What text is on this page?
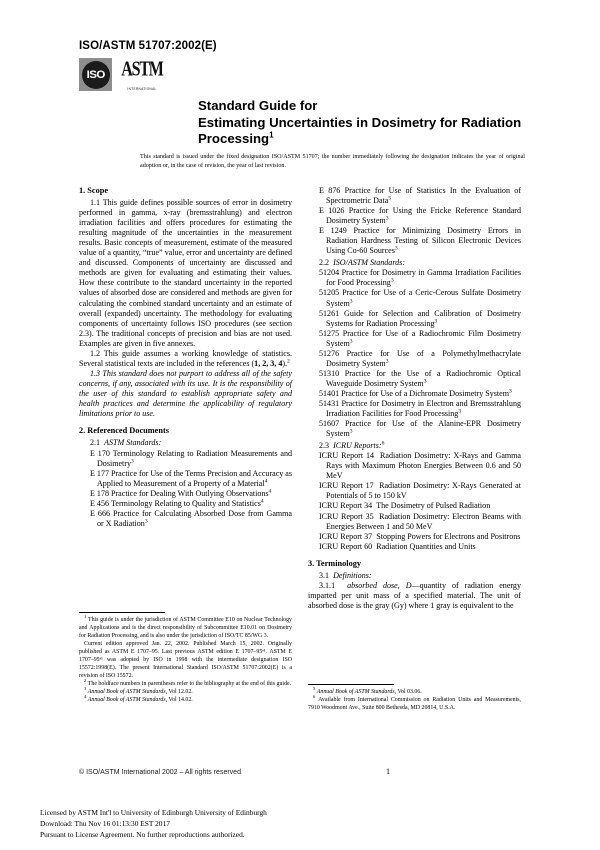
ISO/ASTM 51707:2002(E)
ISO ASTM
INTERNATIONAL
Standard Guide for
Estimating Uncertainties in Dosimetry for Radiation
Processing$^1$
This standard is issued under the fixed designation ISO/ASTM 51707; the number immediately following the designation indicates the year of original adoption or, in the case of revision, the year of last revision.
1. Scope

1.1 This guide defines possible sources of error in dosimetry performed in gamma, x-ray (bremsstrahlung) and electron irradiation facilities and offers procedures for estimating the resulting magnitude of the uncertainties in the measurement results. Basic concepts of measurement, estimate of the measured value of a quantity, “true” value, error and uncertainty are defined and discussed. Components of uncertainty are discussed and methods are given for evaluating and estimating their values. How these contribute to the standard uncertainty in the reported values of absorbed dose are considered and methods are given for calculating the combined standard uncertainty and an estimate of overall (expanded) uncertainty. The methodology for evaluating components of uncertainty follows ISO procedures (see section 2.3). The traditional concepts of precision and bias are not used. Examples are given in five annexes.

1.2 This guide assumes a working knowledge of statistics. Several statistical texts are included in the references (1, 2, 3, 4).$^2$

1.3 This standard does not purport to address all of the safety concerns, if any, associated with its use. It is the responsibility of the user of this standard to establish appropriate safety and health practices and determine the applicability of regulatory limitations prior to use.

2. Referenced Documents
2.1 ASTM Standards:

E 170 Terminology Relating to Radiation Measurements and Dosimetry$^3$

E 177 Practice for Use of the Terms Precision and Accuracy as Applied to Measurement of a Property of a Material$^4$

E 178 Practice for Dealing With Outlying Observations$^4$

E 456 Terminology Relating to Quality and Statistics$^4$

E 666 Practice for Calculating Absorbed Dose from Gamma or X Radiation$^3$

E 876 Practice for Use of Statistics In the Evaluation of Spectrometric Data$^5$

E 1026 Practice for Using the Fricke Reference Standard Dosimetry System$^3$

E 1249 Practice for Minimizing Dosimetry Errors in Radiation Hardness Testing of Silicon Electronic Devices Using Co-60 Sources$^3$

2.2 ISO/ASTM Standards:

51204 Practice for Dosimetry in Gamma Irradiation Facilities for Food Processing$^3$

51205 Practice for Use of a Ceric-Cerous Sulfate Dosimetry System$^3$

51261 Guide for Selection and Calibration of Dosimetry Systems for Radiation Processing$^3$

51275 Practice for Use of a Radiochromic Film Dosimetry System$^3$

51276 Practice for Use of a Polymethylmethacrylate Dosimetry System$^3$

51310 Practice for the Use of a Radiochromic Optical Waveguide Dosimetry System$^3$

51401 Practice for Use of a Dichromate Dosimetry System$^3$

51431 Practice for Dosimetry in Electron and Bremsstrahlung Irradiation Facilities for Food Processing$^3$

51607 Practice for Use of the Alanine-EPR Dosimetry System$^3$

2.3 ICRU Reports:$^6$

ICRU Report 14 Radiation Dosimetry: X-Rays and Gamma Rays with Maximum Photon Energies Between 0.6 and 50 MeV

ICRU Report 17 Radiation Dosimetry: X-Rays Generated at Potentials of 5 to 150 kV

ICRU Report 34 The Dosimetry of Pulsed Radiation

ICRU Report 35 Radiation Dosimetry: Electron Beams with Energies Between 1 and 50 MeV

ICRU Report 37 Stopping Powers for Electrons and Positrons

ICRU Report 60 Radiation Quantities and Units

3. Terminology
3.1 Definitions:

3.1.1 absorbed dose, D—quantity of radiation energy imparted per unit mass of a specified material. The unit of absorbed dose is the gray (Gy) where 1 gray is equivalent to the

$^1$ This guide is under the jurisdiction of ASTM Committee E10 on Nuclear Technology and Applications and is the direct responsibility of Subcommittee E10.01 on Dosimetry for Radiation Processing, and is also under the jurisdiction of ISO/TC 85/WG 3.

Current edition approved Jan. 22, 2002. Published March 15, 2002. Originally published as ASTM E 1707–95. Last previous ASTM edition E 1707–95ᵉ¹. ASTM E 1707–95ᵉ¹ was adopted by ISO in 1998 with the intermediate designation ISO 15572:1998(E). The present International Standard ISO/ASTM 51707:2002(E) is a revision of ISO 15572.

$^2$ The boldface numbers in parentheses refer to the bibliography at the end of this guide.

$^3$ Annual Book of ASTM Standards, Vol 12.02.

$^4$ Annual Book of ASTM Standards, Vol 14.02.

$^5$ Annual Book of ASTM Standards, Vol 03.06.

$^6$ Available from International Commission on Radiation Units and Measurements, 7910 Woodmont Ave., Suite 800 Bethesda, MD 20814, U.S.A.

© ISO/ASTM International 2002 – All rights reserved	1
Licensed by ASTM Int'l to University of Edinburgh University of Edinburgh
Download: Thu Nov 16 01:13:30 EST 2017
Pursuant to License Agreement. No further reproductions authorized.
